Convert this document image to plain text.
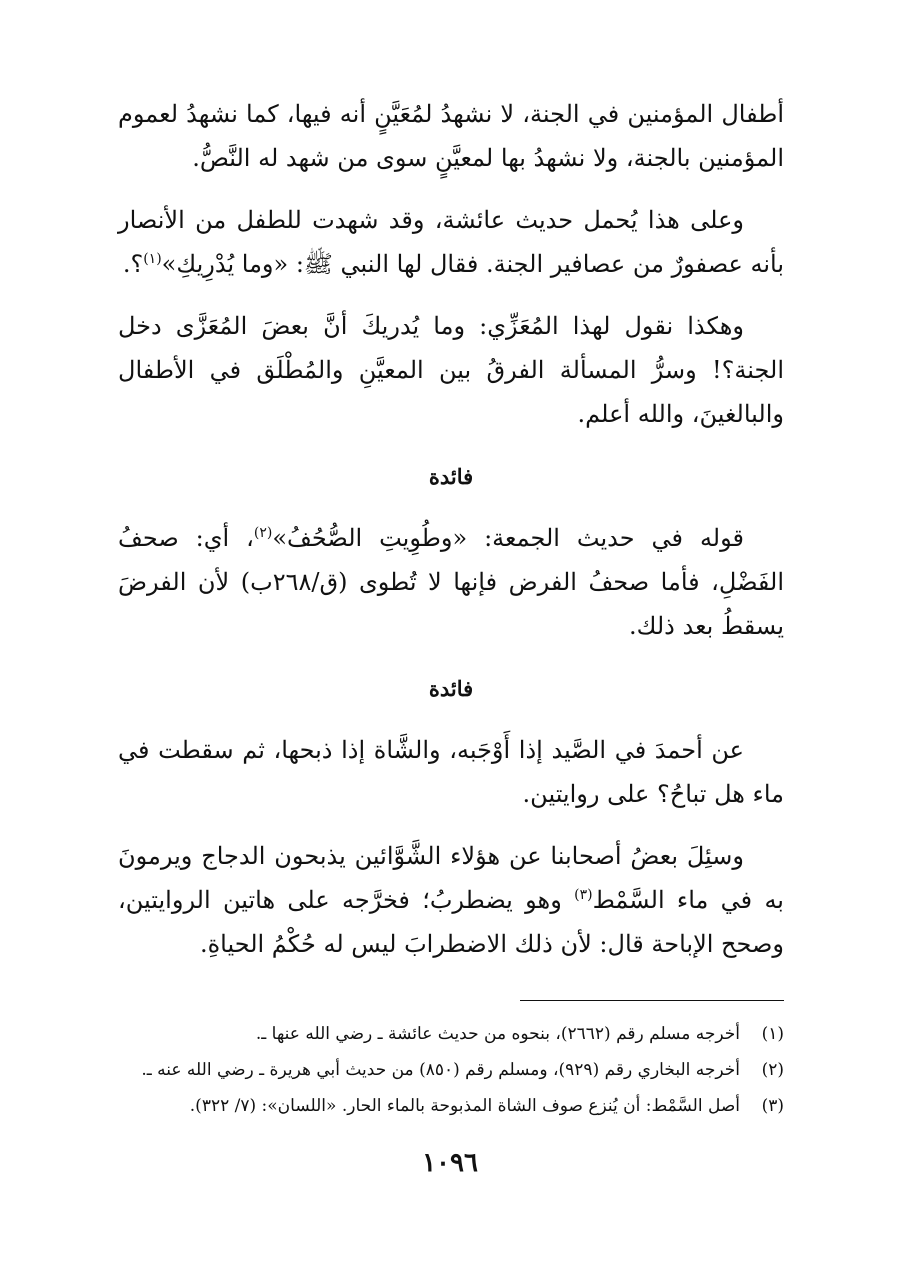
أطفال المؤمنين في الجنة، لا نشهدُ لمُعَيَّنٍ أنه فيها، كما نشهدُ لعموم المؤمنين بالجنة، ولا نشهدُ بها لمعيَّنٍ سوى من شهد له النَّصُّ.

وعلى هذا يُحمل حديث عائشة، وقد شهدت للطفل من الأنصار بأنه عصفورٌ من عصافير الجنة. فقال لها النبي ﷺ: «وما يُدْرِيكِ»$^{(١)}$؟.

وهكذا نقول لهذا المُعَزِّي: وما يُدريكَ أنَّ بعضَ المُعَزَّى دخل الجنة؟! وسرُّ المسألة الفرقُ بين المعيَّنِ والمُطْلَق في الأطفال والبالغينَ، والله أعلم.

فائدة

قوله في حديث الجمعة: «وطُوِيتِ الصُّحُفُ»$^{(٢)}$، أي: صحفُ الفَضْلِ، فأما صحفُ الفرض فإنها لا تُطوى (ق/٢٦٨ب) لأن الفرضَ يسقطُ بعد ذلك.

فائدة

عن أحمدَ في الصَّيد إذا أَوْجَبه، والشَّاة إذا ذبحها، ثم سقطت في ماء هل تباحُ؟ على روايتين.

وسئِلَ بعضُ أصحابنا عن هؤلاء الشَّوَّائين يذبحون الدجاج ويرمونَ به في ماء السَّمْط$^{(٣)}$ وهو يضطربُ؛ فخرَّجه على هاتين الروايتين، وصحح الإباحة قال: لأن ذلك الاضطرابَ ليس له حُكْمُ الحياةِ.

(١)
أخرجه مسلم رقم (٢٦٦٢)، بنحوه من حديث عائشة ـ رضي الله عنها ـ.
(٢)
أخرجه البخاري رقم (٩٢٩)، ومسلم رقم (٨٥٠) من حديث أبي هريرة ـ رضي الله عنه ـ.
(٣)
أصل السَّمْط: أن يُنزع صوف الشاة المذبوحة بالماء الحار. «اللسان»: (٧/ ٣٢٢).
١٠٩٦
